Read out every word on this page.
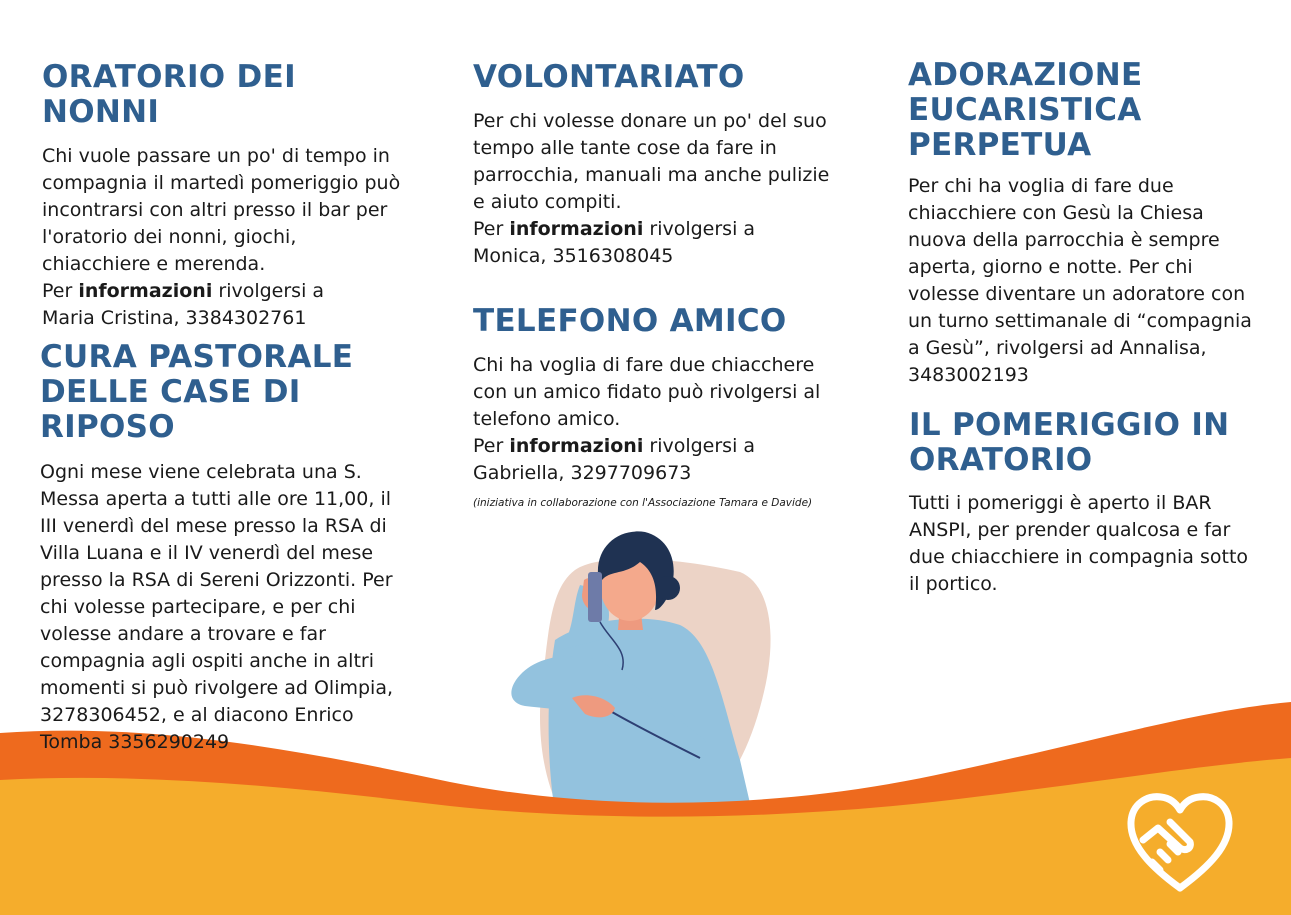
ORATORIO DEI NONNI

Chi vuole passare un po' di tempo in compagnia il martedì pomeriggio può incontrarsi con altri presso il bar per l'oratorio dei nonni, giochi, chiacchiere e merenda.
Per informazioni rivolgersi a
Maria Cristina, 3384302761

CURA PASTORALE
DELLE CASE DI RIPOSO

Ogni mese viene celebrata una S. Messa aperta a tutti alle ore 11,00, il III venerdì del mese presso la RSA di Villa Luana e il IV venerdì del mese presso la RSA di Sereni Orizzonti. Per chi volesse partecipare, e per chi volesse andare a trovare e far compagnia agli ospiti anche in altri momenti si può rivolgere ad Olimpia, 3278306452, e al diacono Enrico Tomba 3356290249

VOLONTARIATO

Per chi volesse donare un po' del suo tempo alle tante cose da fare in parrocchia, manuali ma anche pulizie e aiuto compiti.
Per informazioni rivolgersi a
Monica, 3516308045

TELEFONO AMICO

Chi ha voglia di fare due chiacchere con un amico fidato può rivolgersi al telefono amico.
Per informazioni rivolgersi a
Gabriella, 3297709673

(iniziativa in collaborazione con l'Associazione Tamara e Davide)

ADORAZIONE
EUCARISTICA
PERPETUA

Per chi ha voglia di fare due chiacchiere con Gesù la Chiesa nuova della parrocchia è sempre aperta, giorno e notte. Per chi volesse diventare un adoratore con un turno settimanale di “compagnia a Gesù”, rivolgersi ad Annalisa, 3483002193

IL POMERIGGIO IN
ORATORIO

Tutti i pomeriggi è aperto il BAR ANSPI, per prender qualcosa e far due chiacchiere in compagnia sotto il portico.
